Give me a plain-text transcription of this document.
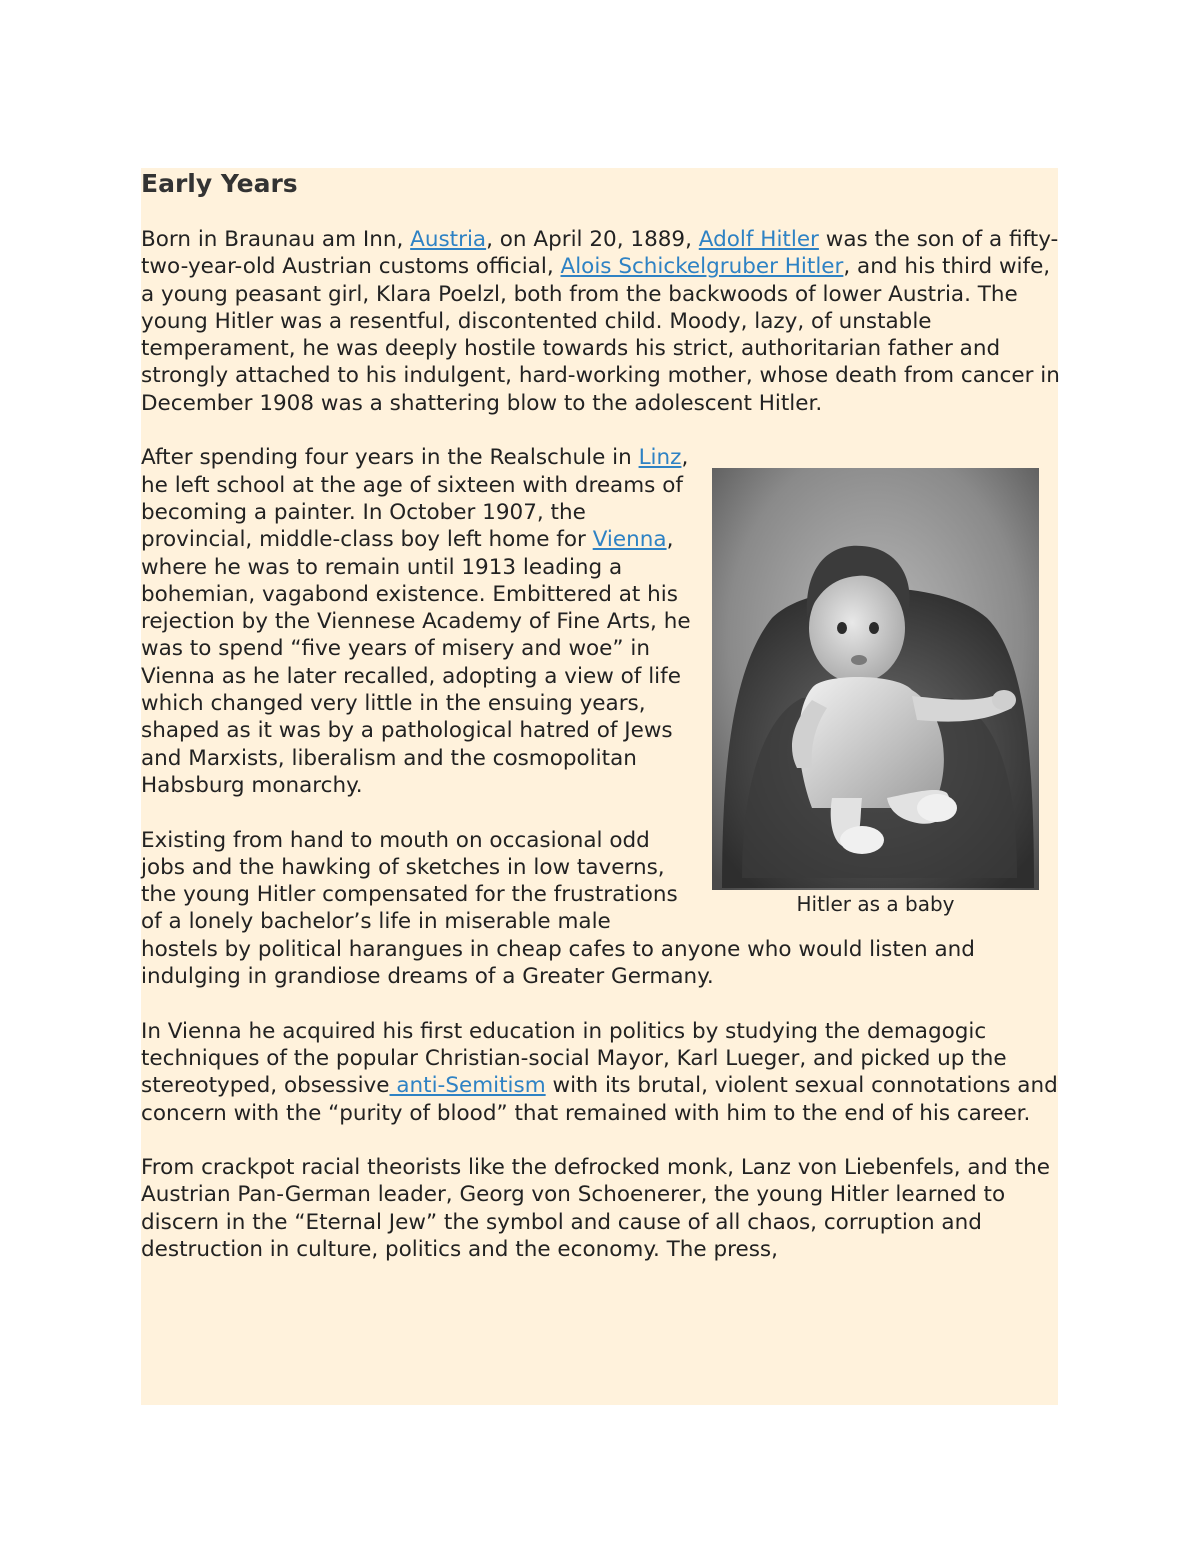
Early Years

Born in Braunau am Inn, Austria, on April 20, 1889, Adolf Hitler was the son of a fifty-two-year-old Austrian customs official, Alois Schickelgruber Hitler, and his third wife, a young peasant girl, Klara Poelzl, both from the backwoods of lower Austria. The young Hitler was a resentful, discontented child. Moody, lazy, of unstable temperament, he was deeply hostile towards his strict, authoritarian father and strongly attached to his indulgent, hard-working mother, whose death from cancer in December 1908 was a shattering blow to the adolescent Hitler.

Hitler as a baby

After spending four years in the Realschule in Linz, he left school at the age of sixteen with dreams of becoming a painter. In October 1907, the provincial, middle-class boy left home for Vienna, where he was to remain until 1913 leading a bohemian, vagabond existence. Embittered at his rejection by the Viennese Academy of Fine Arts, he was to spend “five years of misery and woe” in Vienna as he later recalled, adopting a view of life which changed very little in the ensuing years, shaped as it was by a pathological hatred of Jews and Marxists, liberalism and the cosmopolitan Habsburg monarchy.

Existing from hand to mouth on occasional odd jobs and the hawking of sketches in low taverns, the young Hitler compensated for the frustrations of a lonely bachelor’s life in miserable male hostels by political harangues in cheap cafes to anyone who would listen and indulging in grandiose dreams of a Greater Germany.

In Vienna he acquired his first education in politics by studying the demagogic techniques of the popular Christian-social Mayor, Karl Lueger, and picked up the stereotyped, obsessive anti-Semitism with its brutal, violent sexual connotations and concern with the “purity of blood” that remained with him to the end of his career.

From crackpot racial theorists like the defrocked monk, Lanz von Liebenfels, and the Austrian Pan-German leader, Georg von Schoenerer, the young Hitler learned to discern in the “Eternal Jew” the symbol and cause of all chaos, corruption and destruction in culture, politics and the economy. The press,
